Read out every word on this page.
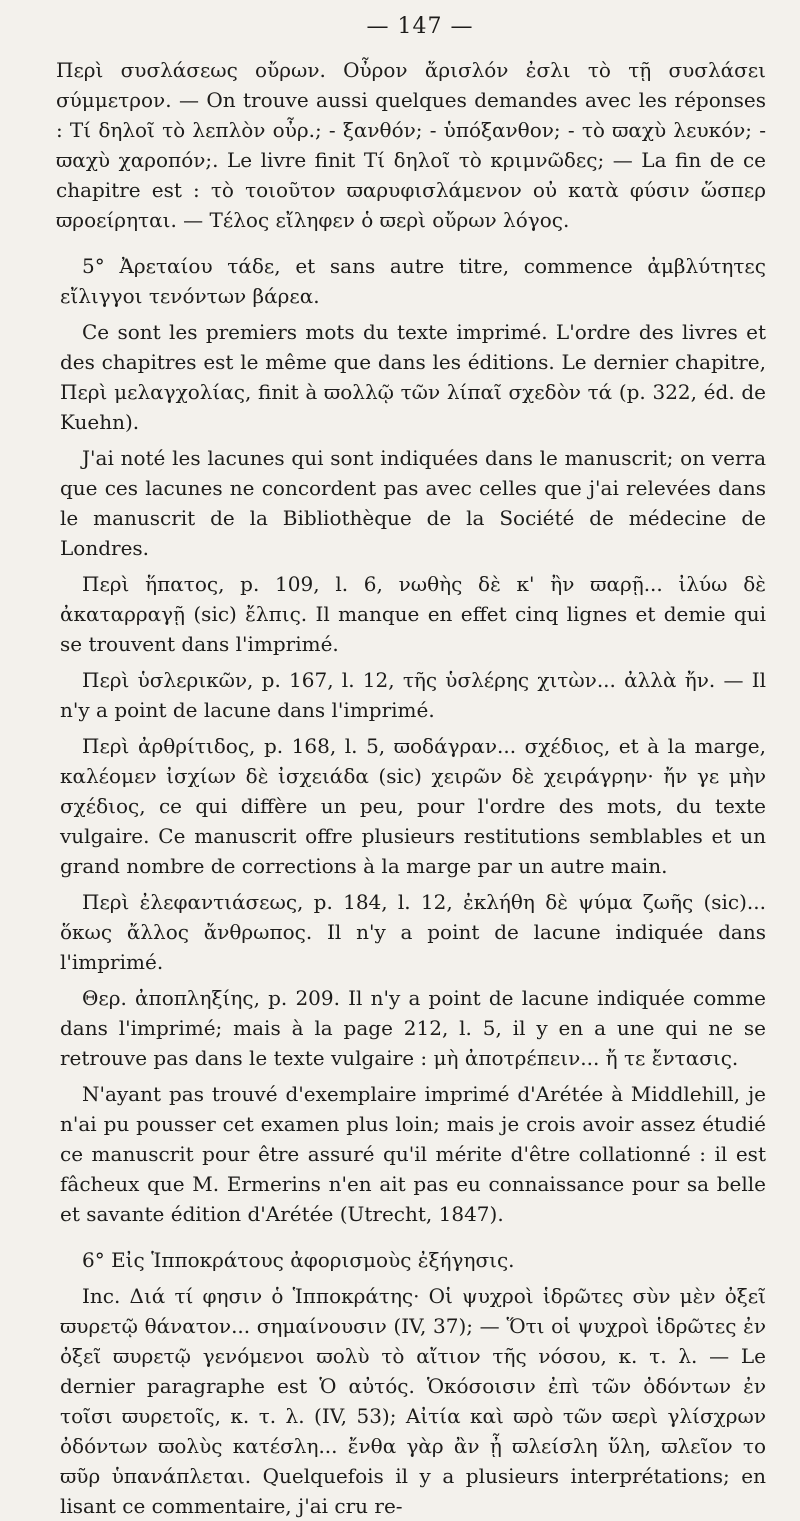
— 147 —

Περὶ συσλάσεως οὔρων. Οὖρον ἄρισλόν ἐσλι τὸ τῇ συσλάσει σύμμετρον. — On trouve aussi quelques demandes avec les réponses : Τί δηλοῖ τὸ λεπλὸν οὖρ.; - ξανθόν; - ὑπόξανθον; - τὸ ϖαχὺ λευκόν; - ϖαχὺ χαροπόν;. Le livre finit Τί δηλοῖ τὸ κριμνῶδες; — La fin de ce chapitre est : τὸ τοιοῦτον ϖαρυφισλάμενον οὐ κατὰ φύσιν ὥσπερ ϖροείρηται. — Τέλος εἴληφεν ὁ ϖερὶ οὔρων λόγος.

5° Ἀρεταίου τάδε, et sans autre titre, commence ἀμβλύτητες εἴλιγγοι τενόντων βάρεα.

Ce sont les premiers mots du texte imprimé. L'ordre des livres et des chapitres est le même que dans les éditions. Le dernier chapitre, Περὶ μελαγχολίας, finit à ϖολλῷ τῶν λίπαῖ σχεδὸν τά (p. 322, éd. de Kuehn).

J'ai noté les lacunes qui sont indiquées dans le manuscrit; on verra que ces lacunes ne concordent pas avec celles que j'ai relevées dans le manuscrit de la Bibliothèque de la Société de médecine de Londres.

Περὶ ἥπατος, p. 109, l. 6, νωθὴς δὲ κ' ἢν ϖαρῇ... ἰλύω δὲ ἀκαταρραγῇ (sic) ἔλπις. Il manque en effet cinq lignes et demie qui se trouvent dans l'imprimé.

Περὶ ὑσλερικῶν, p. 167, l. 12, τῆς ὑσλέρης χιτὼν... ἀλλὰ ἤν. — Il n'y a point de lacune dans l'imprimé.

Περὶ ἀρθρίτιδος, p. 168, l. 5, ϖοδάγραν... σχέδιος, et à la marge, καλέομεν ἰσχίων δὲ ἰσχειάδα (sic) χειρῶν δὲ χειράγρην· ἤν γε μὴν σχέδιος, ce qui diffère un peu, pour l'ordre des mots, du texte vulgaire. Ce manuscrit offre plusieurs restitutions semblables et un grand nombre de corrections à la marge par un autre main.

Περὶ ἐλεφαντιάσεως, p. 184, l. 12, ἐκλήθη δὲ ψύμα ζωῆς (sic)... ὅκως ἄλλος ἄνθρωπος. Il n'y a point de lacune indiquée dans l'imprimé.

Θερ. ἀποπληξίης, p. 209. Il n'y a point de lacune indiquée comme dans l'imprimé; mais à la page 212, l. 5, il y en a une qui ne se retrouve pas dans le texte vulgaire : μὴ ἀποτρέπειν... ἤ τε ἔντασις.

N'ayant pas trouvé d'exemplaire imprimé d'Arétée à Middlehill, je n'ai pu pousser cet examen plus loin; mais je crois avoir assez étudié ce manuscrit pour être assuré qu'il mérite d'être collationné : il est fâcheux que M. Ermerins n'en ait pas eu connaissance pour sa belle et savante édition d'Arétée (Utrecht, 1847).

6° Εἰς Ἱπποκράτους ἀφορισμοὺς ἐξήγησις.

Inc. Διά τί φησιν ὁ Ἱπποκράτης· Οἱ ψυχροὶ ἱδρῶτες σὺν μὲν ὀξεῖ ϖυρετῷ θάνατον... σημαίνουσιν (IV, 37); — Ὅτι οἱ ψυχροὶ ἱδρῶτες ἐν ὀξεῖ ϖυρετῷ γενόμενοι ϖολὺ τὸ αἴτιον τῆς νόσου, κ. τ. λ. — Le dernier paragraphe est Ὁ αὐτός. Ὁκόσοισιν ἐπὶ τῶν ὀδόντων ἐν τοῖσι ϖυρετοῖς, κ. τ. λ. (IV, 53); Αἰτία καὶ ϖρὸ τῶν ϖερὶ γλίσχρων ὀδόντων ϖολὺς κατέσλη... ἔνθα γὰρ ἂν ᾖ ϖλείσλη ὕλη, ϖλεῖον το ϖῦρ ὑπανάπλεται. Quelquefois il y a plusieurs interprétations; en lisant ce commentaire, j'ai cru re-
